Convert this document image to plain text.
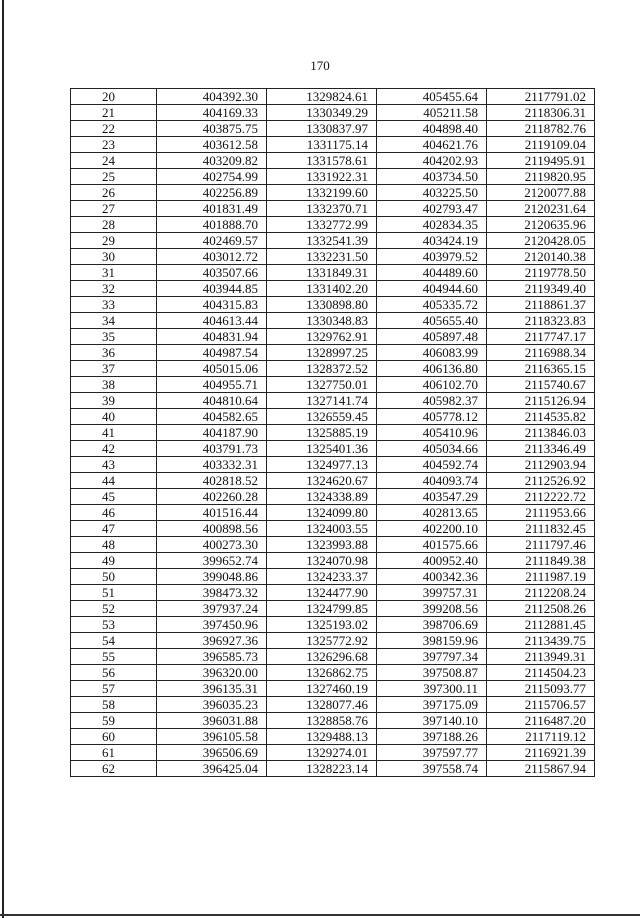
170
20	404392.30	1329824.61	405455.64	2117791.02
21	404169.33	1330349.29	405211.58	2118306.31
22	403875.75	1330837.97	404898.40	2118782.76
23	403612.58	1331175.14	404621.76	2119109.04
24	403209.82	1331578.61	404202.93	2119495.91
25	402754.99	1331922.31	403734.50	2119820.95
26	402256.89	1332199.60	403225.50	2120077.88
27	401831.49	1332370.71	402793.47	2120231.64
28	401888.70	1332772.99	402834.35	2120635.96
29	402469.57	1332541.39	403424.19	2120428.05
30	403012.72	1332231.50	403979.52	2120140.38
31	403507.66	1331849.31	404489.60	2119778.50
32	403944.85	1331402.20	404944.60	2119349.40
33	404315.83	1330898.80	405335.72	2118861.37
34	404613.44	1330348.83	405655.40	2118323.83
35	404831.94	1329762.91	405897.48	2117747.17
36	404987.54	1328997.25	406083.99	2116988.34
37	405015.06	1328372.52	406136.80	2116365.15
38	404955.71	1327750.01	406102.70	2115740.67
39	404810.64	1327141.74	405982.37	2115126.94
40	404582.65	1326559.45	405778.12	2114535.82
41	404187.90	1325885.19	405410.96	2113846.03
42	403791.73	1325401.36	405034.66	2113346.49
43	403332.31	1324977.13	404592.74	2112903.94
44	402818.52	1324620.67	404093.74	2112526.92
45	402260.28	1324338.89	403547.29	2112222.72
46	401516.44	1324099.80	402813.65	2111953.66
47	400898.56	1324003.55	402200.10	2111832.45
48	400273.30	1323993.88	401575.66	2111797.46
49	399652.74	1324070.98	400952.40	2111849.38
50	399048.86	1324233.37	400342.36	2111987.19
51	398473.32	1324477.90	399757.31	2112208.24
52	397937.24	1324799.85	399208.56	2112508.26
53	397450.96	1325193.02	398706.69	2112881.45
54	396927.36	1325772.92	398159.96	2113439.75
55	396585.73	1326296.68	397797.34	2113949.31
56	396320.00	1326862.75	397508.87	2114504.23
57	396135.31	1327460.19	397300.11	2115093.77
58	396035.23	1328077.46	397175.09	2115706.57
59	396031.88	1328858.76	397140.10	2116487.20
60	396105.58	1329488.13	397188.26	2117119.12
61	396506.69	1329274.01	397597.77	2116921.39
62	396425.04	1328223.14	397558.74	2115867.94
